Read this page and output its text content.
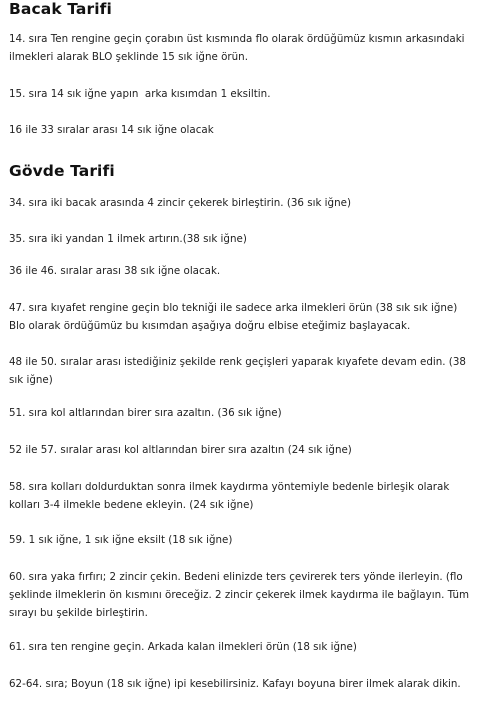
Bacak Tarifi

14. sıra Ten rengine geçin çorabın üst kısmında flo olarak ördüğümüz kısmın arkasındaki
ilmekleri alarak BLO şeklinde 15 sık iğne örün.

15. sıra 14 sık iğne yapın  arka kısımdan 1 eksiltin.

16 ile 33 sıralar arası 14 sık iğne olacak

Gövde Tarifi

34. sıra iki bacak arasında 4 zincir çekerek birleştirin. (36 sık iğne)

35. sıra iki yandan 1 ilmek artırın.(38 sık iğne)

36 ile 46. sıralar arası 38 sık iğne olacak.

47. sıra kıyafet rengine geçin blo tekniği ile sadece arka ilmekleri örün (38 sık sık iğne)
Blo olarak ördüğümüz bu kısımdan aşağıya doğru elbise eteğimiz başlayacak.

48 ile 50. sıralar arası istediğiniz şekilde renk geçişleri yaparak kıyafete devam edin. (38
sık iğne)

51. sıra kol altlarından birer sıra azaltın. (36 sık iğne)

52 ile 57. sıralar arası kol altlarından birer sıra azaltın (24 sık iğne)

58. sıra kolları doldurduktan sonra ilmek kaydırma yöntemiyle bedenle birleşik olarak
kolları 3-4 ilmekle bedene ekleyin. (24 sık iğne)

59. 1 sık iğne, 1 sık iğne eksilt (18 sık iğne)

60. sıra yaka fırfırı; 2 zincir çekin. Bedeni elinizde ters çevirerek ters yönde ilerleyin. (flo
şeklinde ilmeklerin ön kısmını öreceğiz. 2 zincir çekerek ilmek kaydırma ile bağlayın. Tüm
sırayı bu şekilde birleştirin.

61. sıra ten rengine geçin. Arkada kalan ilmekleri örün (18 sık iğne)

62-64. sıra; Boyun (18 sık iğne) ipi kesebilirsiniz. Kafayı boyuna birer ilmek alarak dikin.
